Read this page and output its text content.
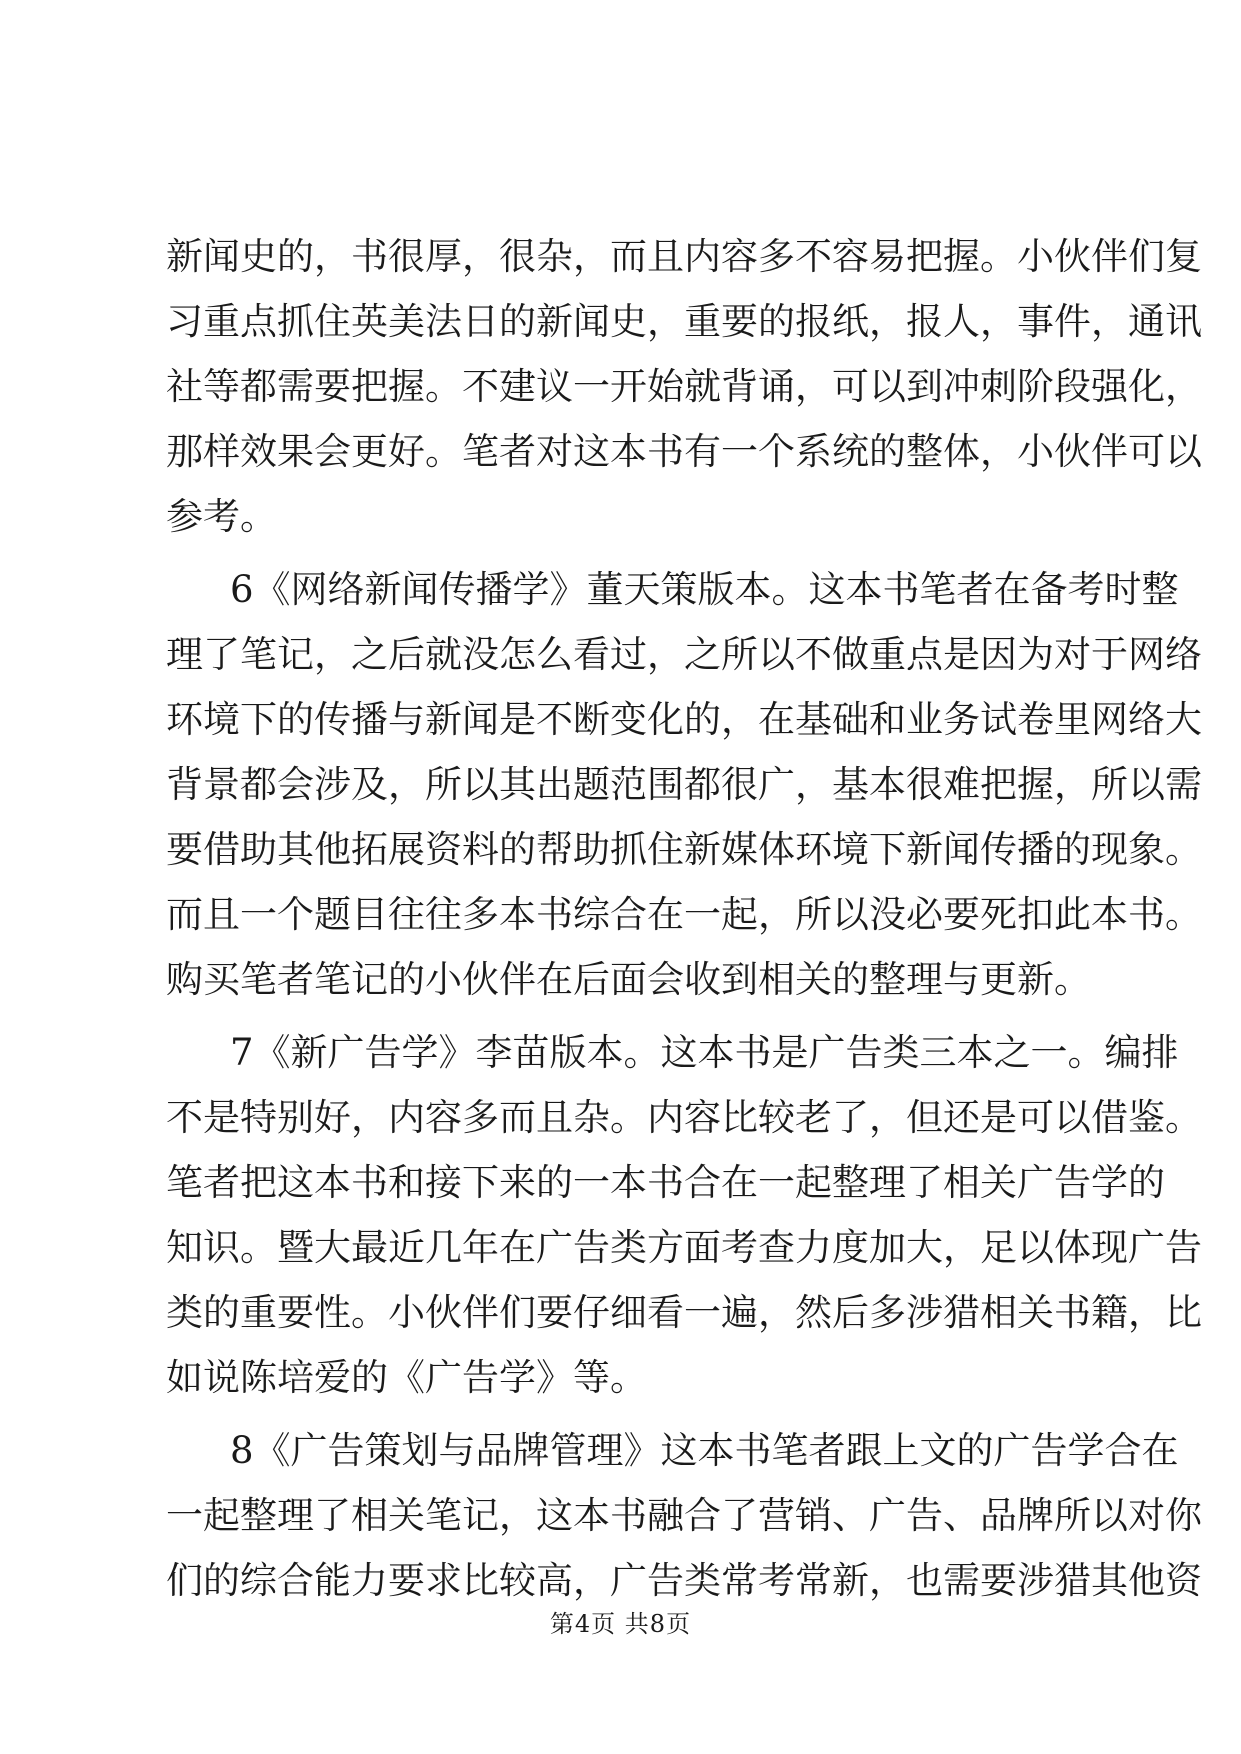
新闻史的，书很厚，很杂，而且内容多不容易把握。小伙伴们复
习重点抓住英美法日的新闻史，重要的报纸，报人，事件，通讯
社等都需要把握。不建议一开始就背诵，可以到冲刺阶段强化，
那样效果会更好。笔者对这本书有一个系统的整体，小伙伴可以
参考。
6《网络新闻传播学》董天策版本。这本书笔者在备考时整
理了笔记，之后就没怎么看过，之所以不做重点是因为对于网络
环境下的传播与新闻是不断变化的，在基础和业务试卷里网络大
背景都会涉及，所以其出题范围都很广，基本很难把握，所以需
要借助其他拓展资料的帮助抓住新媒体环境下新闻传播的现象。
而且一个题目往往多本书综合在一起，所以没必要死扣此本书。
购买笔者笔记的小伙伴在后面会收到相关的整理与更新。
7《新广告学》李苗版本。这本书是广告类三本之一。编排
不是特别好，内容多而且杂。内容比较老了，但还是可以借鉴。
笔者把这本书和接下来的一本书合在一起整理了相关广告学的
知识。暨大最近几年在广告类方面考查力度加大，足以体现广告
类的重要性。小伙伴们要仔细看一遍，然后多涉猎相关书籍，比
如说陈培爱的《广告学》等。
8《广告策划与品牌管理》这本书笔者跟上文的广告学合在
一起整理了相关笔记，这本书融合了营销、广告、品牌所以对你
们的综合能力要求比较高，广告类常考常新，也需要涉猎其他资
第4页 共8页
